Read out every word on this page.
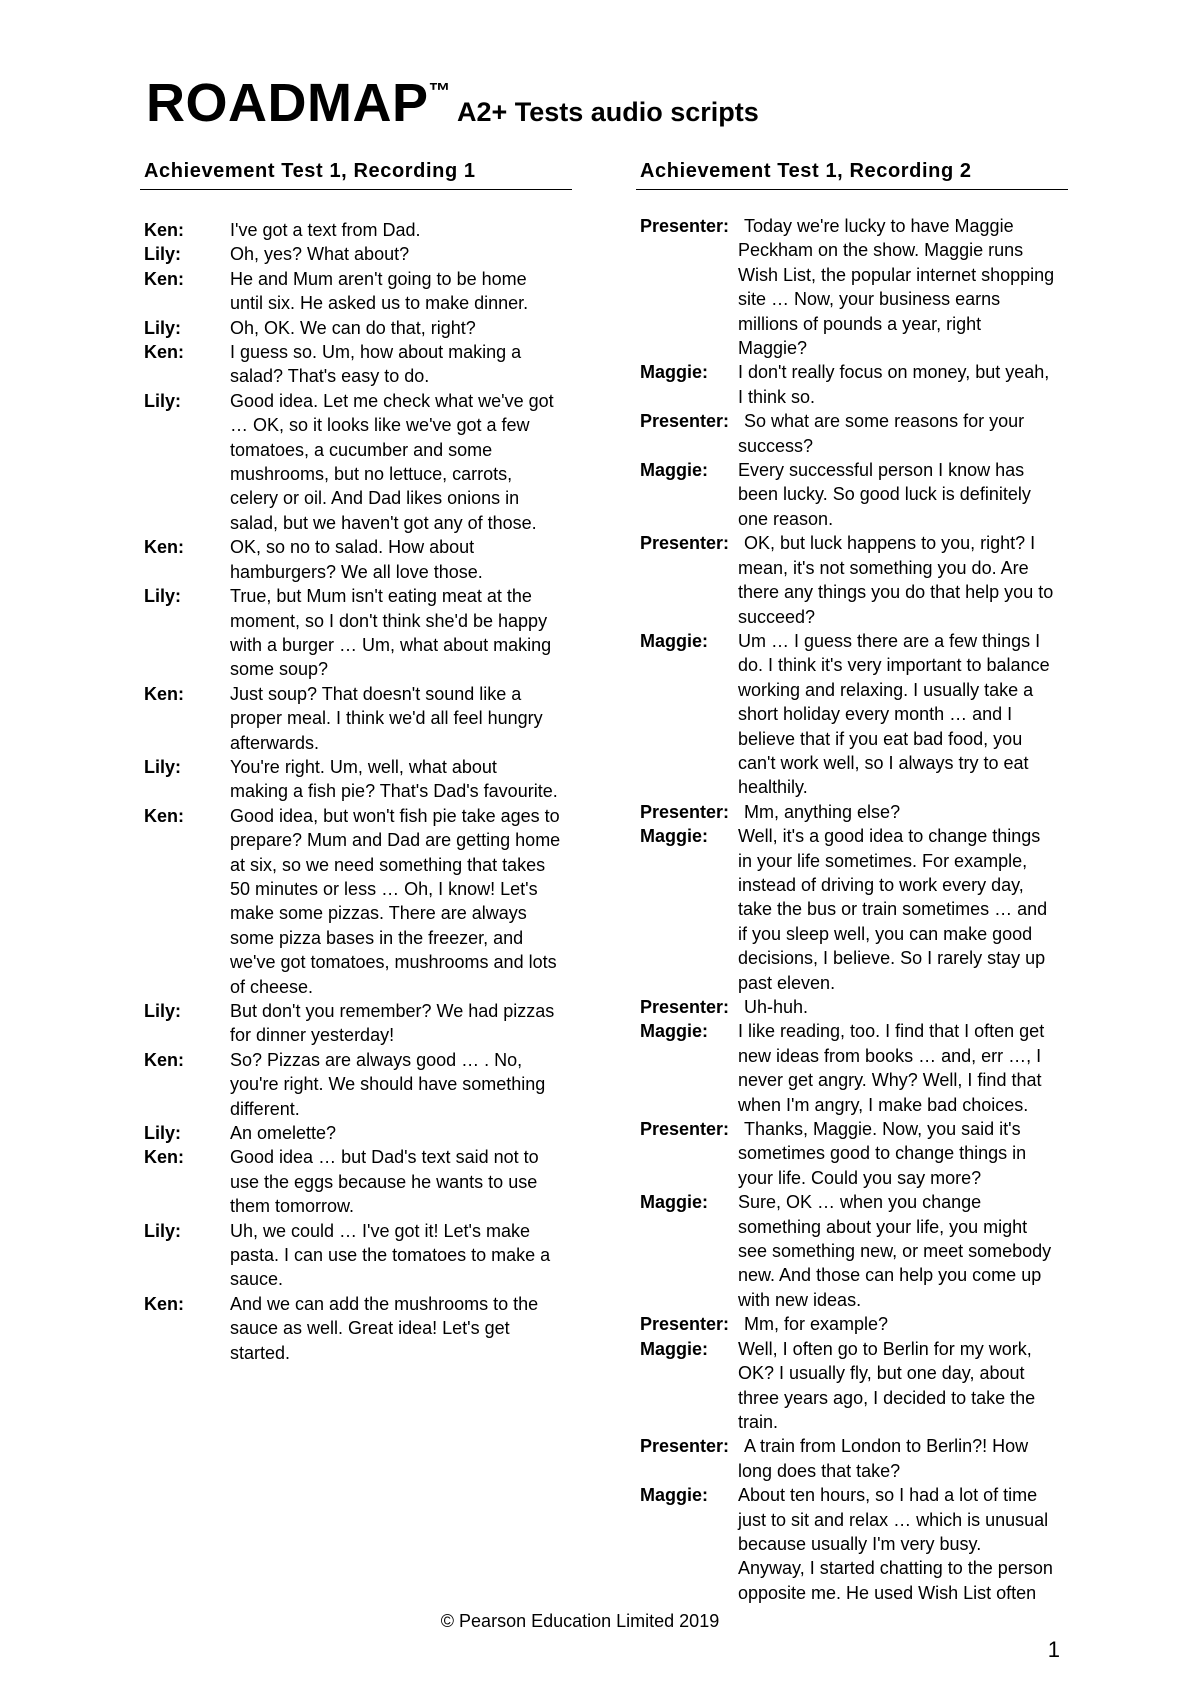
ROADMAP™ A2+ Tests audio scripts
Achievement Test 1, Recording 1
Ken:	I've got a text from Dad.
Lily:	Oh, yes? What about?
Ken:	He and Mum aren't going to be home
until six. He asked us to make dinner.
Lily:	Oh, OK. We can do that, right?
Ken:	I guess so. Um, how about making a
salad? That's easy to do.
Lily:	Good idea. Let me check what we've got
… OK, so it looks like we've got a few
tomatoes, a cucumber and some
mushrooms, but no lettuce, carrots,
celery or oil. And Dad likes onions in
salad, but we haven't got any of those.
Ken:	OK, so no to salad. How about
hamburgers? We all love those.
Lily:	True, but Mum isn't eating meat at the
moment, so I don't think she'd be happy
with a burger … Um, what about making
some soup?
Ken:	Just soup? That doesn't sound like a
proper meal. I think we'd all feel hungry
afterwards.
Lily:	You're right. Um, well, what about
making a fish pie? That's Dad's favourite.
Ken:	Good idea, but won't fish pie take ages to
prepare? Mum and Dad are getting home
at six, so we need something that takes
50 minutes or less … Oh, I know! Let's
make some pizzas. There are always
some pizza bases in the freezer, and
we've got tomatoes, mushrooms and lots
of cheese.
Lily:	But don't you remember? We had pizzas
for dinner yesterday!
Ken:	So? Pizzas are always good … . No,
you're right. We should have something
different.
Lily:	An omelette?
Ken:	Good idea … but Dad's text said not to
use the eggs because he wants to use
them tomorrow.
Lily:	Uh, we could … I've got it! Let's make
pasta. I can use the tomatoes to make a
sauce.
Ken:	And we can add the mushrooms to the
sauce as well. Great idea! Let's get
started.
Achievement Test 1, Recording 2
Presenter: Today we're lucky to have Maggie
Peckham on the show. Maggie runs
Wish List, the popular internet shopping
site … Now, your business earns
millions of pounds a year, right
Maggie?
Maggie:	I don't really focus on money, but yeah,
I think so.
Presenter: So what are some reasons for your
success?
Maggie:	Every successful person I know has
been lucky. So good luck is definitely
one reason.
Presenter: OK, but luck happens to you, right? I
mean, it's not something you do. Are
there any things you do that help you to
succeed?
Maggie:	Um … I guess there are a few things I
do. I think it's very important to balance
working and relaxing. I usually take a
short holiday every month … and I
believe that if you eat bad food, you
can't work well, so I always try to eat
healthily.
Presenter: Mm, anything else?
Maggie:	Well, it's a good idea to change things
in your life sometimes. For example,
instead of driving to work every day,
take the bus or train sometimes … and
if you sleep well, you can make good
decisions, I believe. So I rarely stay up
past eleven.
Presenter: Uh-huh.
Maggie:	I like reading, too. I find that I often get
new ideas from books … and, err …, I
never get angry. Why? Well, I find that
when I'm angry, I make bad choices.
Presenter: Thanks, Maggie. Now, you said it's
sometimes good to change things in
your life. Could you say more?
Maggie:	Sure, OK … when you change
something about your life, you might
see something new, or meet somebody
new. And those can help you come up
with new ideas.
Presenter: Mm, for example?
Maggie:	Well, I often go to Berlin for my work,
OK? I usually fly, but one day, about
three years ago, I decided to take the
train.
Presenter: A train from London to Berlin?! How
long does that take?
Maggie:	About ten hours, so I had a lot of time
just to sit and relax … which is unusual
because usually I'm very busy.
Anyway, I started chatting to the person
opposite me. He used Wish List often
© Pearson Education Limited 2019
1
